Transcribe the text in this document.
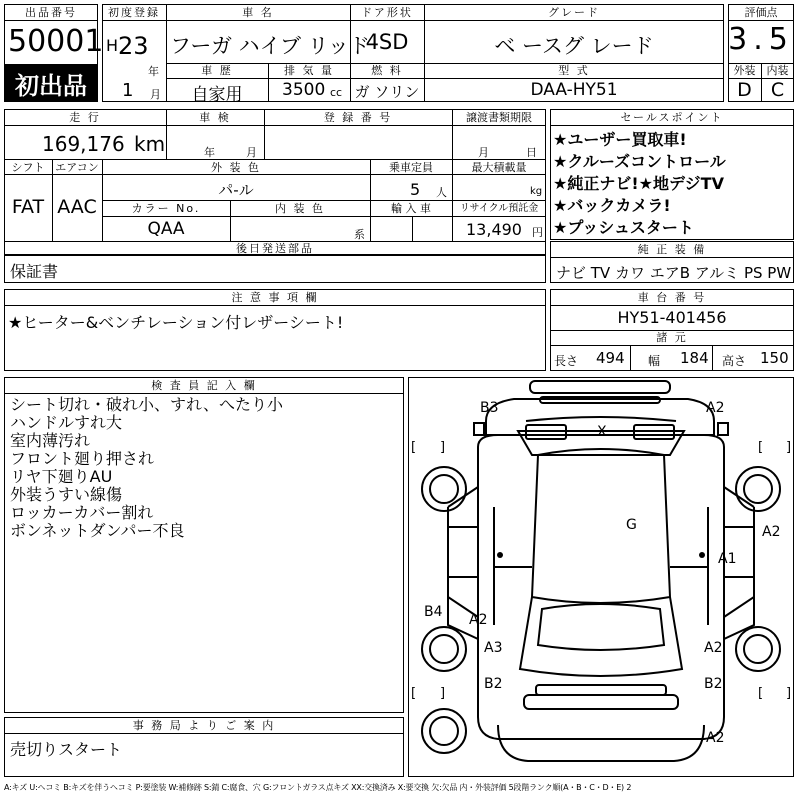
出品番号
50001
初出品
初度登録
H 23
年
1 月
車 名
フーガ ハイブ リッド
ドア形状
4SD
グレード
ベ ースグ レード
車 歴
自家用
排 気 量
3500 cc
燃 料
ガ ソリン
型 式
DAA-HY51
評価点
3.5
外装	内装
D	C
走 行
169,176 km
車 検
年	月
登 録 番 号	譲渡書類期限
月	日
シフト
FAT
エアコン
AAC
外 装 色
パ-ル
乗車定員
5 人
最大積載量
kg
カラー No.
QAA
内 装 色
系
輸 入 車	リサイクル預託金
13,490 円
後日発送部品
保証書
セールスポイント
★ユーザー買取車!
★クルーズコントロール
★純正ナビ!★地デジTV
★バックカメラ!
★プッシュスタート
純 正 装 備
ナビ TV カワ エアB アルミ PS PW
注 意 事 項 欄
★ヒーター&ベンチレーション付レザーシート!
車 台 番 号
HY51-401456
諸 元
長さ 494 幅 184 高さ 150
検 査 員 記 入 欄
シート切れ・破れ小、すれ、へたり小
ハンドルすれ大
室内薄汚れ
フロント廻り押され
リヤ下廻りAU
外装うすい線傷
ロッカーカバー割れ
ボンネットダンパー不良
事 務 局 よ り ご 案 内
売切りスタート
[ ]	[ ]
[ ]	[ ]
B3	A2
X
G	A2
A1
B4 A2
A3	A2
B2	B2
A2
A:キズ U:ヘコミ B:キズを伴うヘコミ P:要塗装 W:補修跡 S:錆 C:腐食、穴 G:フロントガラス点キズ XX:交換済み X:要交換 欠:欠品 内・外装評価 5段階ランク順(A・B・C・D・E) 2
